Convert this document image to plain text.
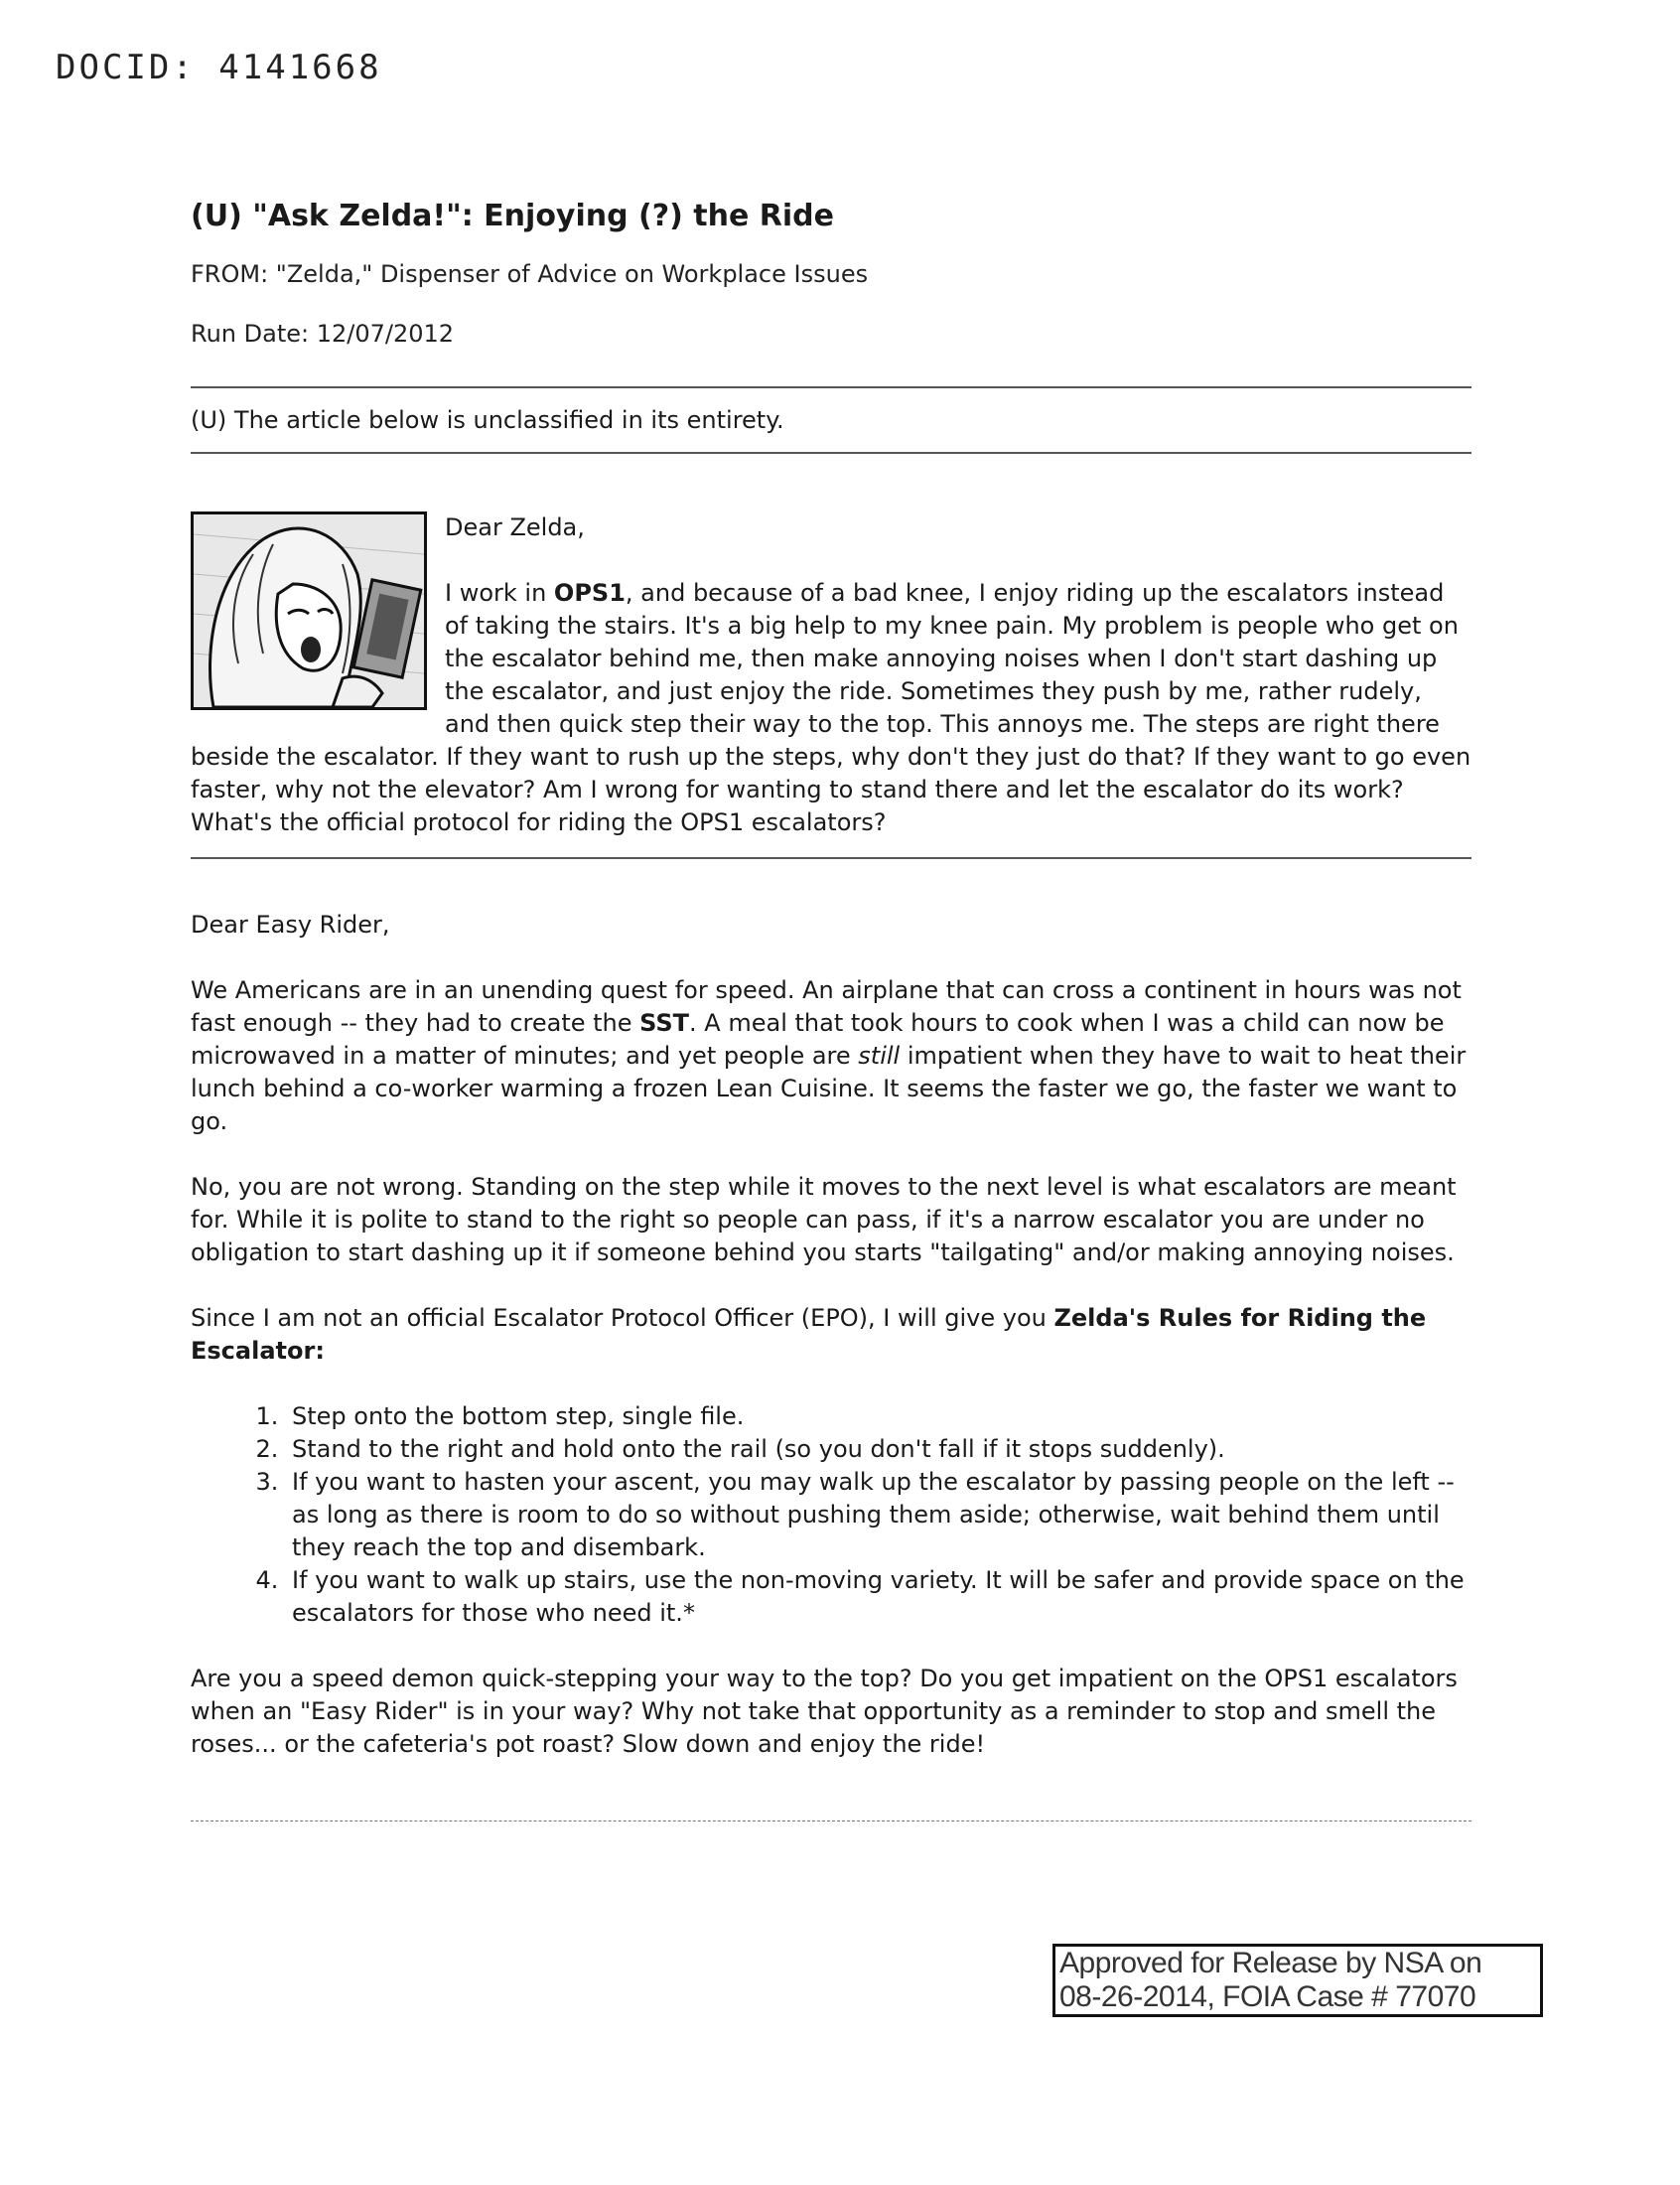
DOCID: 4141668
(U) "Ask Zelda!": Enjoying (?) the Ride

FROM: "Zelda," Dispenser of Advice on Workplace Issues

Run Date: 12/07/2012

(U) The article below is unclassified in its entirety.

Dear Zelda,

I work in OPS1, and because of a bad knee, I enjoy riding up the escalators instead of taking the stairs. It's a big help to my knee pain. My problem is people who get on the escalator behind me, then make annoying noises when I don't start dashing up the escalator, and just enjoy the ride. Sometimes they push by me, rather rudely, and then quick step their way to the top. This annoys me. The steps are right there beside the escalator. If they want to rush up the steps, why don't they just do that? If they want to go even faster, why not the elevator? Am I wrong for wanting to stand there and let the escalator do its work? What's the official protocol for riding the OPS1 escalators?

Dear Easy Rider,

We Americans are in an unending quest for speed. An airplane that can cross a continent in hours was not fast enough -- they had to create the SST. A meal that took hours to cook when I was a child can now be microwaved in a matter of minutes; and yet people are still impatient when they have to wait to heat their lunch behind a co-worker warming a frozen Lean Cuisine. It seems the faster we go, the faster we want to go.

No, you are not wrong. Standing on the step while it moves to the next level is what escalators are meant for. While it is polite to stand to the right so people can pass, if it's a narrow escalator you are under no obligation to start dashing up it if someone behind you starts "tailgating" and/or making annoying noises.

Since I am not an official Escalator Protocol Officer (EPO), I will give you Zelda's Rules for Riding the Escalator:

1. Step onto the bottom step, single file.
2. Stand to the right and hold onto the rail (so you don't fall if it stops suddenly).
3. If you want to hasten your ascent, you may walk up the escalator by passing people on the left -- as long as there is room to do so without pushing them aside; otherwise, wait behind them until they reach the top and disembark.
4. If you want to walk up stairs, use the non-moving variety. It will be safer and provide space on the escalators for those who need it.*

Are you a speed demon quick-stepping your way to the top? Do you get impatient on the OPS1 escalators when an "Easy Rider" is in your way? Why not take that opportunity as a reminder to stop and smell the roses... or the cafeteria's pot roast? Slow down and enjoy the ride!

Approved for Release by NSA on
08-26-2014, FOIA Case # 77070
